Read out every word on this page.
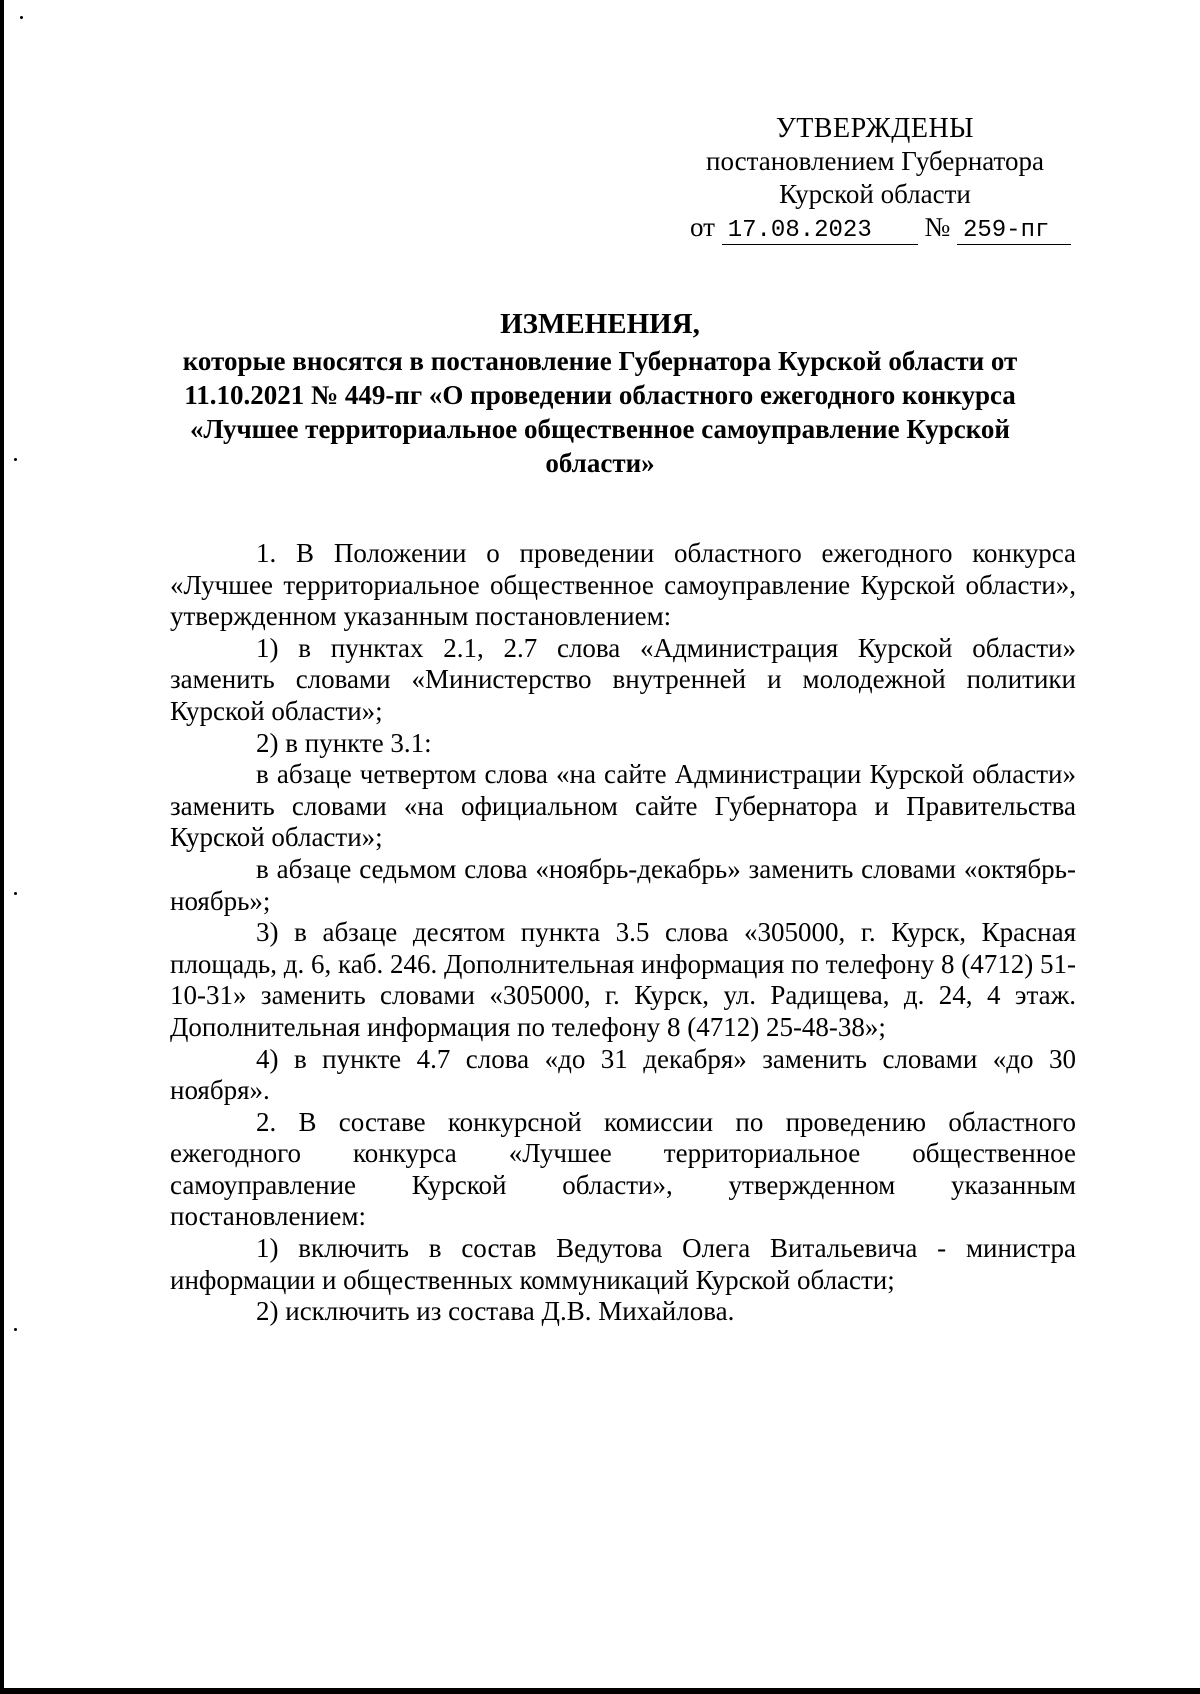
УТВЕРЖДЕНЫ
постановлением Губернатора
Курской области
от 17.08.2023 № 259-пг
ИЗМЕНЕНИЯ,
которые вносятся в постановление Губернатора Курской области от 11.10.2021 № 449-пг «О проведении областного ежегодного конкурса «Лучшее территориальное общественное самоуправление Курской области»

1. В Положении о проведении областного ежегодного конкурса «Лучшее территориальное общественное самоуправление Курской области», утвержденном указанным постановлением:

1) в пунктах 2.1, 2.7 слова «Администрация Курской области» заменить словами «Министерство внутренней и молодежной политики Курской области»;

2) в пункте 3.1:

в абзаце четвертом слова «на сайте Администрации Курской области» заменить словами «на официальном сайте Губернатора и Правительства Курской области»;

в абзаце седьмом слова «ноябрь-декабрь» заменить словами «октябрь-ноябрь»;

3) в абзаце десятом пункта 3.5 слова «305000, г. Курск, Красная площадь, д. 6, каб. 246. Дополнительная информация по телефону 8 (4712) 51-10-31» заменить словами «305000, г. Курск, ул. Радищева, д. 24, 4 этаж. Дополнительная информация по телефону 8 (4712) 25-48-38»;

4) в пункте 4.7 слова «до 31 декабря» заменить словами «до 30 ноября».

2. В составе конкурсной комиссии по проведению областного ежегодного конкурса «Лучшее территориальное общественное самоуправление Курской области», утвержденном указанным постановлением:

1) включить в состав Ведутова Олега Витальевича - министра информации и общественных коммуникаций Курской области;

2) исключить из состава Д.В. Михайлова.
